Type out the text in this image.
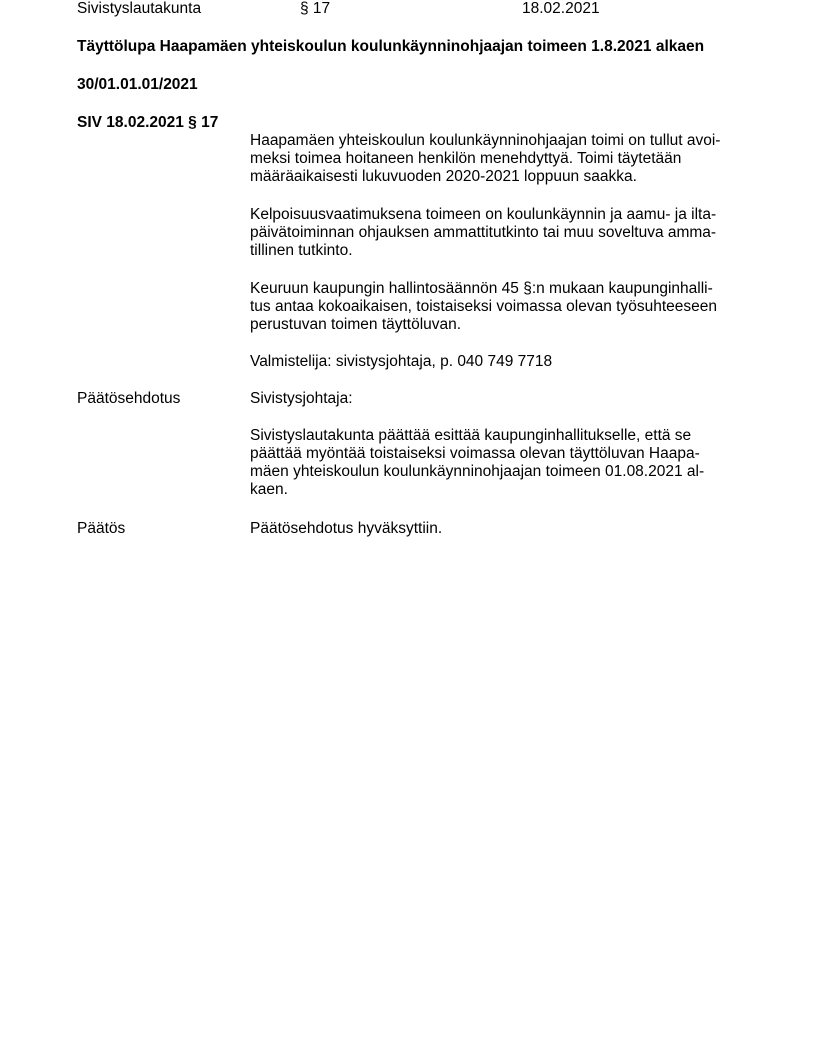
Sivistyslautakunta	§ 17	18.02.2021
Täyttölupa Haapamäen yhteiskoulun koulunkäynninohjaajan toimeen 1.8.2021 alkaen
30/01.01.01/2021
SIV 18.02.2021 § 17

Haapamäen yhteiskoulun koulunkäynninohjaajan toimi on tullut avoi-

meksi toimea hoitaneen henkilön menehdyttyä. Toimi täytetään

määräaikaisesti lukuvuoden 2020-2021 loppuun saakka.

Kelpoisuusvaatimuksena toimeen on koulunkäynnin ja aamu- ja ilta-

päivätoiminnan ohjauksen ammattitutkinto tai muu soveltuva amma-

tillinen tutkinto.

Keuruun kaupungin hallintosäännön 45 §:n mukaan kaupunginhalli-

tus antaa kokoaikaisen, toistaiseksi voimassa olevan työsuhteeseen

perustuvan toimen täyttöluvan.

Valmistelija: sivistysjohtaja, p. 040 749 7718
Päätösehdotus	Sivistysjohtaja:

Sivistyslautakunta päättää esittää kaupunginhallitukselle, että se

päättää myöntää toistaiseksi voimassa olevan täyttöluvan Haapa-

mäen yhteiskoulun koulunkäynninohjaajan toimeen 01.08.2021 al-

kaen.

Päätös	Päätösehdotus hyväksyttiin.
